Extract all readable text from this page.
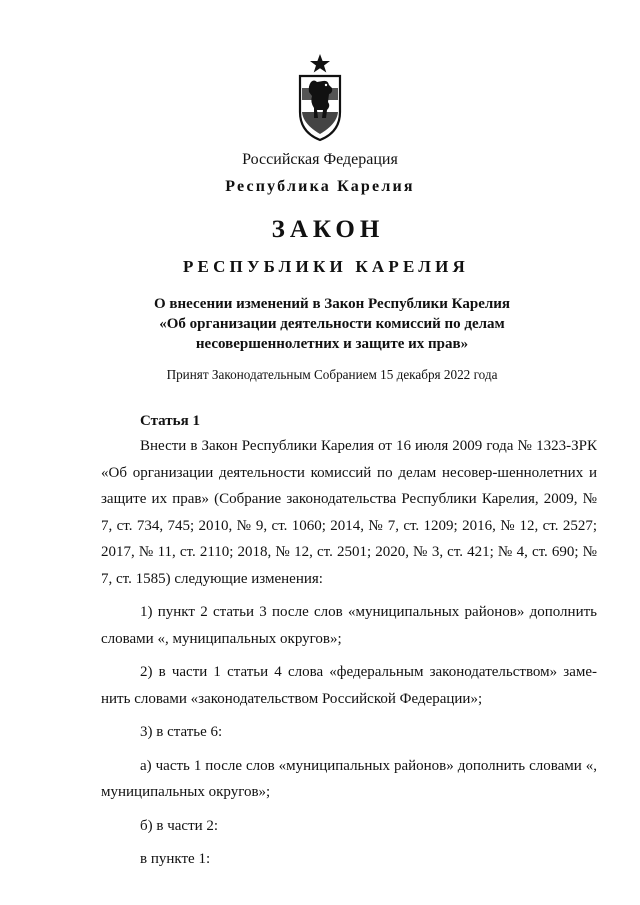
Российская Федерация
Республика Карелия
ЗАКОН
РЕСПУБЛИКИ КАРЕЛИЯ
О внесении изменений в Закон Республики Карелия
«Об организации деятельности комиссий по делам
несовершеннолетних и защите их прав»
Принят Законодательным Собранием 15 декабря 2022 года
Статья 1

Внести в Закон Республики Карелия от 16 июля 2009 года № 1323-ЗРК «Об организации деятельности комиссий по делам несовер-шеннолетних и защите их прав» (Собрание законодательства Республики Карелия, 2009, № 7, ст. 734, 745; 2010, № 9, ст. 1060; 2014, № 7, ст. 1209; 2016, № 12, ст. 2527; 2017, № 11, ст. 2110; 2018, № 12, ст. 2501; 2020, № 3, ст. 421; № 4, ст. 690; № 7, ст. 1585) следующие изменения:

1) пункт 2 статьи 3 после слов «муниципальных районов» дополнить словами «, муниципальных округов»;

2) в части 1 статьи 4 слова «федеральным законодательством» заме-нить словами «законодательством Российской Федерации»;

3) в статье 6:

а) часть 1 после слов «муниципальных районов» дополнить словами «, муниципальных округов»;

б) в части 2:

в пункте 1:
